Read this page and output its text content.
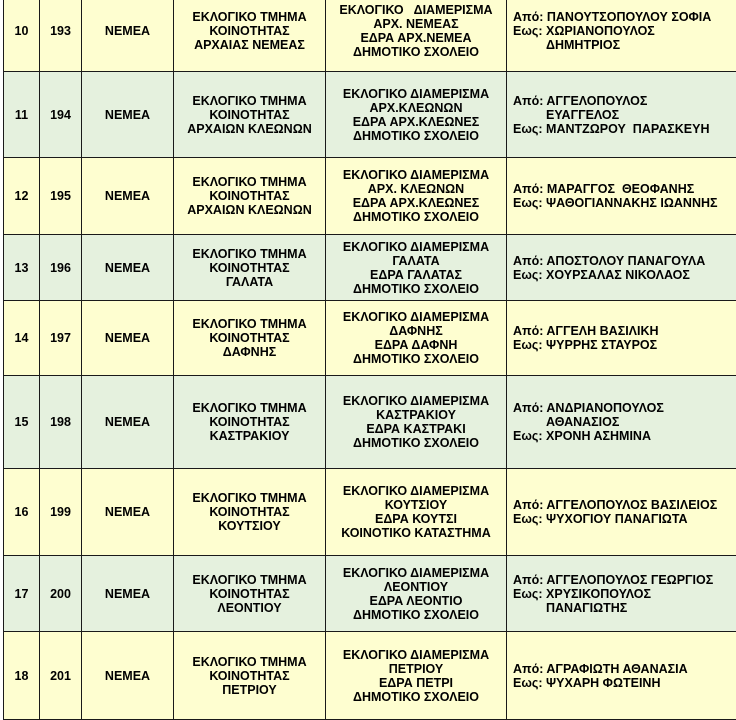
10	193	ΝΕΜΕΑ	ΕΚΛΟΓΙΚΟ ΤΜΗΜΑ
ΚΟΙΝΟΤΗΤΑΣ
ΑΡΧΑΙΑΣ ΝΕΜΕΑΣ	ΕΚΛΟΓΙΚΟ   ΔΙΑΜΕΡΙΣΜΑ
ΑΡΧ. ΝΕΜΕΑΣ
ΕΔΡΑ ΑΡΧ.ΝΕΜΕΑ
ΔΗΜΟΤΙΚΟ ΣΧΟΛΕΙΟ	Από: ΠΑΝΟΥΤΣΟΠΟΥΛΟΥ ΣΟΦΙΑ
Εως: ΧΩΡΙΑΝΟΠΟΥΛΟΣ
ΔΗΜΗΤΡΙΟΣ

11	194	ΝΕΜΕΑ	ΕΚΛΟΓΙΚΟ ΤΜΗΜΑ
ΚΟΙΝΟΤΗΤΑΣ
ΑΡΧΑΙΩΝ ΚΛΕΩΝΩΝ	ΕΚΛΟΓΙΚΟ ΔΙΑΜΕΡΙΣΜΑ
ΑΡΧ.ΚΛΕΩΝΩΝ
ΕΔΡΑ ΑΡΧ.ΚΛΕΩΝΕΣ
ΔΗΜΟΤΙΚΟ ΣΧΟΛΕΙΟ	Από: ΑΓΓΕΛΟΠΟΥΛΟΣ
ΕΥΑΓΓΕΛΟΣ
Εως: ΜΑΝΤΖΩΡΟΥ  ΠΑΡΑΣΚΕΥΗ

12	195	ΝΕΜΕΑ	ΕΚΛΟΓΙΚΟ ΤΜΗΜΑ
ΚΟΙΝΟΤΗΤΑΣ
ΑΡΧΑΙΩΝ ΚΛΕΩΝΩΝ	ΕΚΛΟΓΙΚΟ ΔΙΑΜΕΡΙΣΜΑ
ΑΡΧ. ΚΛΕΩΝΩΝ
ΕΔΡΑ ΑΡΧ.ΚΛΕΩΝΕΣ
ΔΗΜΟΤΙΚΟ ΣΧΟΛΕΙΟ	Από: ΜΑΡΑΓΓΟΣ  ΘΕΟΦΑΝΗΣ
Εως: ΨΑΘΟΓΙΑΝΝΑΚΗΣ ΙΩΑΝΝΗΣ

13	196	ΝΕΜΕΑ	ΕΚΛΟΓΙΚΟ ΤΜΗΜΑ
ΚΟΙΝΟΤΗΤΑΣ
ΓΑΛΑΤΑ	ΕΚΛΟΓΙΚΟ ΔΙΑΜΕΡΙΣΜΑ
ΓΑΛΑΤΑ
ΕΔΡΑ ΓΑΛΑΤΑΣ
ΔΗΜΟΤΙΚΟ ΣΧΟΛΕΙΟ	Από: ΑΠΟΣΤΟΛΟΥ ΠΑΝΑΓΟΥΛΑ
Εως: ΧΟΥΡΣΑΛΑΣ ΝΙΚΟΛΑΟΣ

14	197	ΝΕΜΕΑ	ΕΚΛΟΓΙΚΟ ΤΜΗΜΑ
ΚΟΙΝΟΤΗΤΑΣ
ΔΑΦΝΗΣ	ΕΚΛΟΓΙΚΟ ΔΙΑΜΕΡΙΣΜΑ
ΔΑΦΝΗΣ
ΕΔΡΑ ΔΑΦΝΗ
ΔΗΜΟΤΙΚΟ ΣΧΟΛΕΙΟ	Από: ΑΓΓΕΛΗ ΒΑΣΙΛΙΚΗ
Εως: ΨΥΡΡΗΣ ΣΤΑΥΡΟΣ

15	198	ΝΕΜΕΑ	ΕΚΛΟΓΙΚΟ ΤΜΗΜΑ
ΚΟΙΝΟΤΗΤΑΣ
ΚΑΣΤΡΑΚΙΟΥ	ΕΚΛΟΓΙΚΟ ΔΙΑΜΕΡΙΣΜΑ
ΚΑΣΤΡΑΚΙΟΥ
ΕΔΡΑ ΚΑΣΤΡΑΚΙ
ΔΗΜΟΤΙΚΟ ΣΧΟΛΕΙΟ	Από: ΑΝΔΡΙΑΝΟΠΟΥΛΟΣ
ΑΘΑΝΑΣΙΟΣ
Εως: ΧΡΟΝΗ ΑΣΗΜΙΝΑ

16	199	ΝΕΜΕΑ	ΕΚΛΟΓΙΚΟ ΤΜΗΜΑ
ΚΟΙΝΟΤΗΤΑΣ
ΚΟΥΤΣΙΟΥ	ΕΚΛΟΓΙΚΟ ΔΙΑΜΕΡΙΣΜΑ
ΚΟΥΤΣΙΟΥ
ΕΔΡΑ ΚΟΥΤΣΙ
ΚΟΙΝΟΤΙΚΟ ΚΑΤΑΣΤΗΜΑ	Από: ΑΓΓΕΛΟΠΟΥΛΟΣ ΒΑΣΙΛΕΙΟΣ
Εως: ΨΥΧΟΓΙΟΥ ΠΑΝΑΓΙΩΤΑ

17	200	ΝΕΜΕΑ	ΕΚΛΟΓΙΚΟ ΤΜΗΜΑ
ΚΟΙΝΟΤΗΤΑΣ
ΛΕΟΝΤΙΟΥ	ΕΚΛΟΓΙΚΟ ΔΙΑΜΕΡΙΣΜΑ
ΛΕΟΝΤΙΟΥ
ΕΔΡΑ ΛΕΟΝΤΙΟ
ΔΗΜΟΤΙΚΟ ΣΧΟΛΕΙΟ	Από: ΑΓΓΕΛΟΠΟΥΛΟΣ ΓΕΩΡΓΙΟΣ
Εως: ΧΡΥΣΙΚΟΠΟΥΛΟΣ
ΠΑΝΑΓΙΩΤΗΣ

18	201	ΝΕΜΕΑ	ΕΚΛΟΓΙΚΟ ΤΜΗΜΑ
ΚΟΙΝΟΤΗΤΑΣ
ΠΕΤΡΙΟΥ	ΕΚΛΟΓΙΚΟ ΔΙΑΜΕΡΙΣΜΑ
ΠΕΤΡΙΟΥ
ΕΔΡΑ ΠΕΤΡΙ
ΔΗΜΟΤΙΚΟ ΣΧΟΛΕΙΟ	Από: ΑΓΡΑΦΙΩΤΗ ΑΘΑΝΑΣΙΑ
Εως: ΨΥΧΑΡΗ ΦΩΤΕΙΝΗ
